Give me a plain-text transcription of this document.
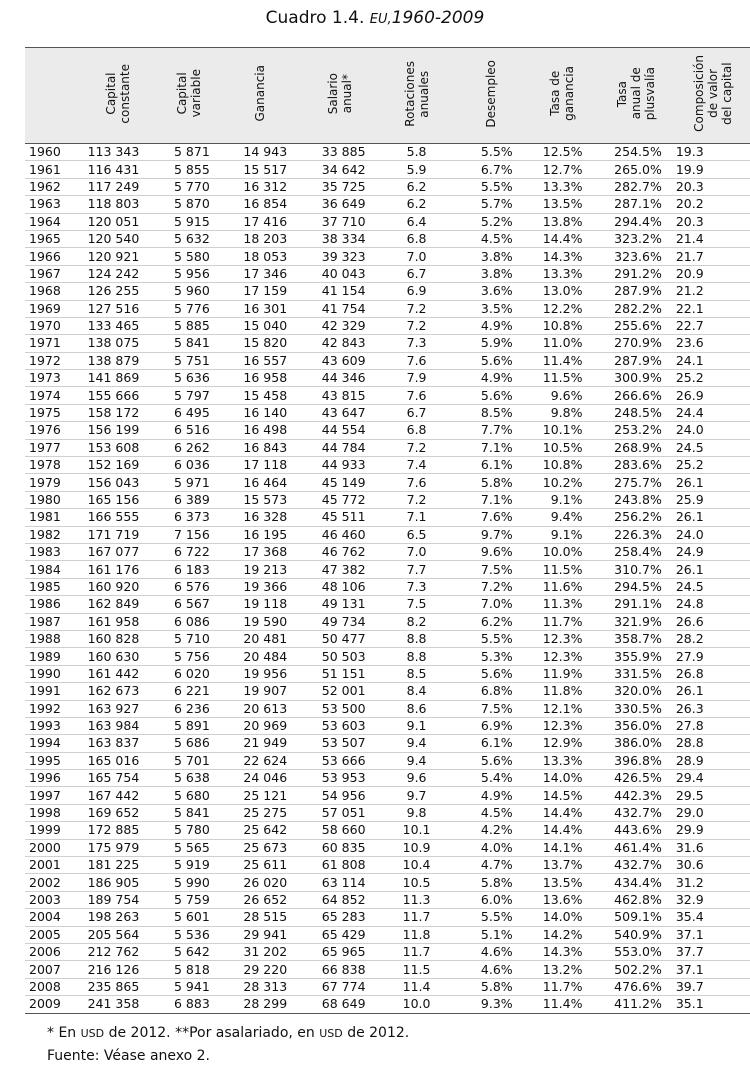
Cuadro 1.4. EU,1960-2009
	Capital
constante	Capital
variable	Ganancia	Salario
anual*	Rotaciones
anuales	Desempleo	Tasa de
ganancia	Tasa
anual de
plusvalía	Composición
de valor
del capital
1960	113 343	5 871	14 943	33 885	5.8	5.5%	12.5%	254.5%	19.3
1961	116 431	5 855	15 517	34 642	5.9	6.7%	12.7%	265.0%	19.9
1962	117 249	5 770	16 312	35 725	6.2	5.5%	13.3%	282.7%	20.3
1963	118 803	5 870	16 854	36 649	6.2	5.7%	13.5%	287.1%	20.2
1964	120 051	5 915	17 416	37 710	6.4	5.2%	13.8%	294.4%	20.3
1965	120 540	5 632	18 203	38 334	6.8	4.5%	14.4%	323.2%	21.4
1966	120 921	5 580	18 053	39 323	7.0	3.8%	14.3%	323.6%	21.7
1967	124 242	5 956	17 346	40 043	6.7	3.8%	13.3%	291.2%	20.9
1968	126 255	5 960	17 159	41 154	6.9	3.6%	13.0%	287.9%	21.2
1969	127 516	5 776	16 301	41 754	7.2	3.5%	12.2%	282.2%	22.1
1970	133 465	5 885	15 040	42 329	7.2	4.9%	10.8%	255.6%	22.7
1971	138 075	5 841	15 820	42 843	7.3	5.9%	11.0%	270.9%	23.6
1972	138 879	5 751	16 557	43 609	7.6	5.6%	11.4%	287.9%	24.1
1973	141 869	5 636	16 958	44 346	7.9	4.9%	11.5%	300.9%	25.2
1974	155 666	5 797	15 458	43 815	7.6	5.6%	9.6%	266.6%	26.9
1975	158 172	6 495	16 140	43 647	6.7	8.5%	9.8%	248.5%	24.4
1976	156 199	6 516	16 498	44 554	6.8	7.7%	10.1%	253.2%	24.0
1977	153 608	6 262	16 843	44 784	7.2	7.1%	10.5%	268.9%	24.5
1978	152 169	6 036	17 118	44 933	7.4	6.1%	10.8%	283.6%	25.2
1979	156 043	5 971	16 464	45 149	7.6	5.8%	10.2%	275.7%	26.1
1980	165 156	6 389	15 573	45 772	7.2	7.1%	9.1%	243.8%	25.9
1981	166 555	6 373	16 328	45 511	7.1	7.6%	9.4%	256.2%	26.1
1982	171 719	7 156	16 195	46 460	6.5	9.7%	9.1%	226.3%	24.0
1983	167 077	6 722	17 368	46 762	7.0	9.6%	10.0%	258.4%	24.9
1984	161 176	6 183	19 213	47 382	7.7	7.5%	11.5%	310.7%	26.1
1985	160 920	6 576	19 366	48 106	7.3	7.2%	11.6%	294.5%	24.5
1986	162 849	6 567	19 118	49 131	7.5	7.0%	11.3%	291.1%	24.8
1987	161 958	6 086	19 590	49 734	8.2	6.2%	11.7%	321.9%	26.6
1988	160 828	5 710	20 481	50 477	8.8	5.5%	12.3%	358.7%	28.2
1989	160 630	5 756	20 484	50 503	8.8	5.3%	12.3%	355.9%	27.9
1990	161 442	6 020	19 956	51 151	8.5	5.6%	11.9%	331.5%	26.8
1991	162 673	6 221	19 907	52 001	8.4	6.8%	11.8%	320.0%	26.1
1992	163 927	6 236	20 613	53 500	8.6	7.5%	12.1%	330.5%	26.3
1993	163 984	5 891	20 969	53 603	9.1	6.9%	12.3%	356.0%	27.8
1994	163 837	5 686	21 949	53 507	9.4	6.1%	12.9%	386.0%	28.8
1995	165 016	5 701	22 624	53 666	9.4	5.6%	13.3%	396.8%	28.9
1996	165 754	5 638	24 046	53 953	9.6	5.4%	14.0%	426.5%	29.4
1997	167 442	5 680	25 121	54 956	9.7	4.9%	14.5%	442.3%	29.5
1998	169 652	5 841	25 275	57 051	9.8	4.5%	14.4%	432.7%	29.0
1999	172 885	5 780	25 642	58 660	10.1	4.2%	14.4%	443.6%	29.9
2000	175 979	5 565	25 673	60 835	10.9	4.0%	14.1%	461.4%	31.6
2001	181 225	5 919	25 611	61 808	10.4	4.7%	13.7%	432.7%	30.6
2002	186 905	5 990	26 020	63 114	10.5	5.8%	13.5%	434.4%	31.2
2003	189 754	5 759	26 652	64 852	11.3	6.0%	13.6%	462.8%	32.9
2004	198 263	5 601	28 515	65 283	11.7	5.5%	14.0%	509.1%	35.4
2005	205 564	5 536	29 941	65 429	11.8	5.1%	14.2%	540.9%	37.1
2006	212 762	5 642	31 202	65 965	11.7	4.6%	14.3%	553.0%	37.7
2007	216 126	5 818	29 220	66 838	11.5	4.6%	13.2%	502.2%	37.1
2008	235 865	5 941	28 313	67 774	11.4	5.8%	11.7%	476.6%	39.7
2009	241 358	6 883	28 299	68 649	10.0	9.3%	11.4%	411.2%	35.1
* En USD de 2012. **Por asalariado, en USD de 2012.
Fuente: Véase anexo 2.
